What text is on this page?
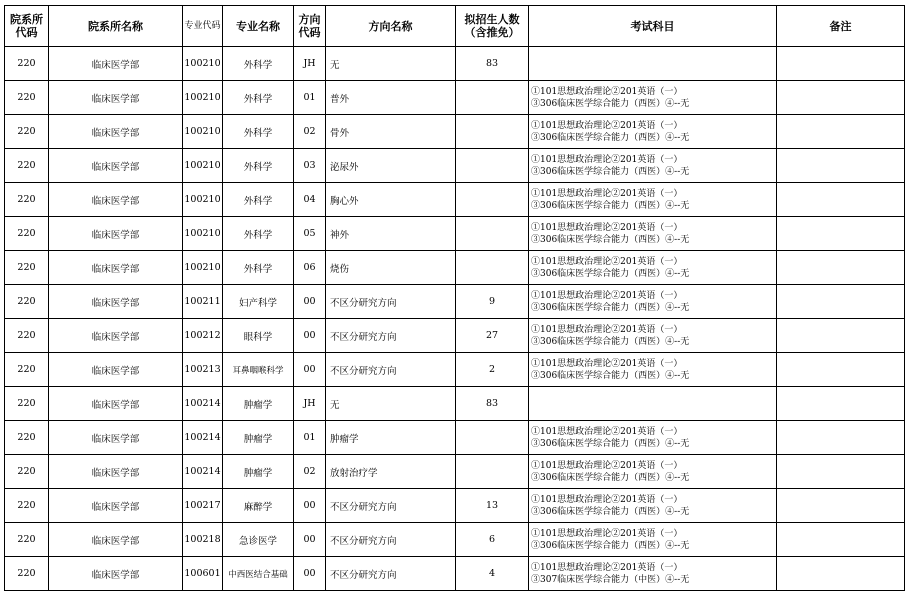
院系所代码	院系所名称	专业代码	专业名称	方向代码	方向名称	拟招生人数（含推免）	考试科目	备注
220	临床医学部	100210	外科学	JH	无	83	

220	临床医学部	100210	外科学	01	普外		①101思想政治理论②201英语（一）
③306临床医学综合能力（西医）④--无	

220	临床医学部	100210	外科学	02	骨外		①101思想政治理论②201英语（一）
③306临床医学综合能力（西医）④--无	

220	临床医学部	100210	外科学	03	泌尿外		①101思想政治理论②201英语（一）
③306临床医学综合能力（西医）④--无	

220	临床医学部	100210	外科学	04	胸心外		①101思想政治理论②201英语（一）
③306临床医学综合能力（西医）④--无	

220	临床医学部	100210	外科学	05	神外		①101思想政治理论②201英语（一）
③306临床医学综合能力（西医）④--无	

220	临床医学部	100210	外科学	06	烧伤		①101思想政治理论②201英语（一）
③306临床医学综合能力（西医）④--无	

220	临床医学部	100211	妇产科学	00	不区分研究方向	9	①101思想政治理论②201英语（一）
③306临床医学综合能力（西医）④--无	

220	临床医学部	100212	眼科学	00	不区分研究方向	27	①101思想政治理论②201英语（一）
③306临床医学综合能力（西医）④--无	

220	临床医学部	100213	耳鼻咽喉科学	00	不区分研究方向	2	①101思想政治理论②201英语（一）
③306临床医学综合能力（西医）④--无	

220	临床医学部	100214	肿瘤学	JH	无	83	

220	临床医学部	100214	肿瘤学	01	肿瘤学		①101思想政治理论②201英语（一）
③306临床医学综合能力（西医）④--无	

220	临床医学部	100214	肿瘤学	02	放射治疗学		①101思想政治理论②201英语（一）
③306临床医学综合能力（西医）④--无	

220	临床医学部	100217	麻醉学	00	不区分研究方向	13	①101思想政治理论②201英语（一）
③306临床医学综合能力（西医）④--无	

220	临床医学部	100218	急诊医学	00	不区分研究方向	6	①101思想政治理论②201英语（一）
③306临床医学综合能力（西医）④--无	

220	临床医学部	100601	中西医结合基础	00	不区分研究方向	4	①101思想政治理论②201英语（一）
③307临床医学综合能力（中医）④--无	
